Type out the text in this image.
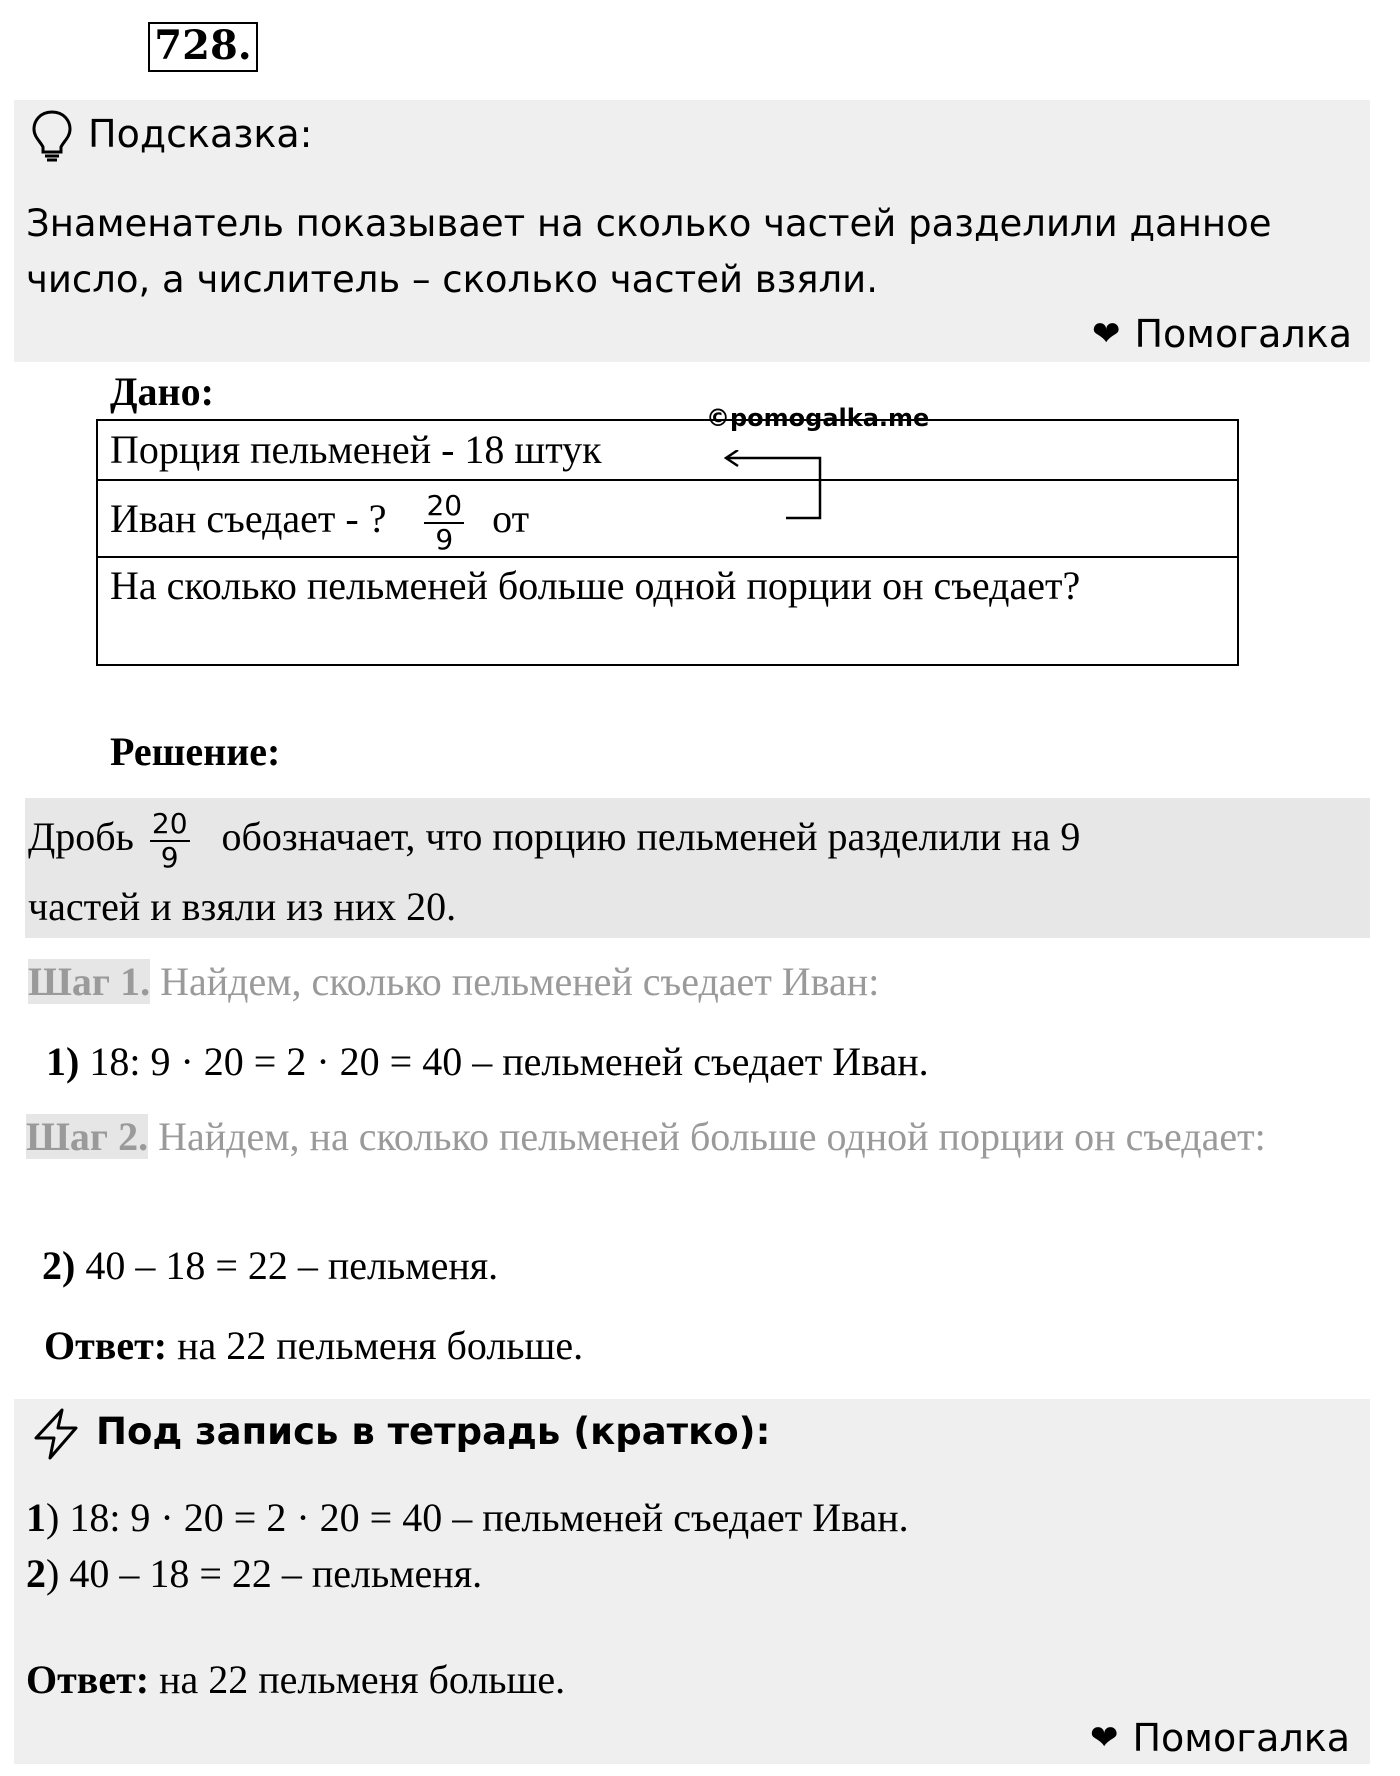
728.
Подсказка:
Знаменатель показывает на сколько частей разделили данное число, а числитель – сколько частей взяли.
❤ Помогалка
Дано:
©pomogalka.me
Порция пельменей - 18 штук
Иван съедает - ? $\frac{20}{9}$ от
На сколько пельменей больше одной порции он съедает?
Решение:
Дробь $\frac{20}{9}$ обозначает, что порцию пельменей разделили на 9
частей и взяли из них 20.
Шаг 1. Найдем, сколько пельменей съедает Иван:
1) 18: 9 · 20 = 2 · 20 = 40 – пельменей съедает Иван.
Шаг 2. Найдем, на сколько пельменей больше одной порции он съедает:
2) 40 – 18 = 22 – пельменя.
Ответ: на 22 пельменя больше.
Под запись в тетрадь (кратко):
1) 18: 9 · 20 = 2 · 20 = 40 – пельменей съедает Иван.
2) 40 – 18 = 22 – пельменя.
Ответ: на 22 пельменя больше.
❤ Помогалка
